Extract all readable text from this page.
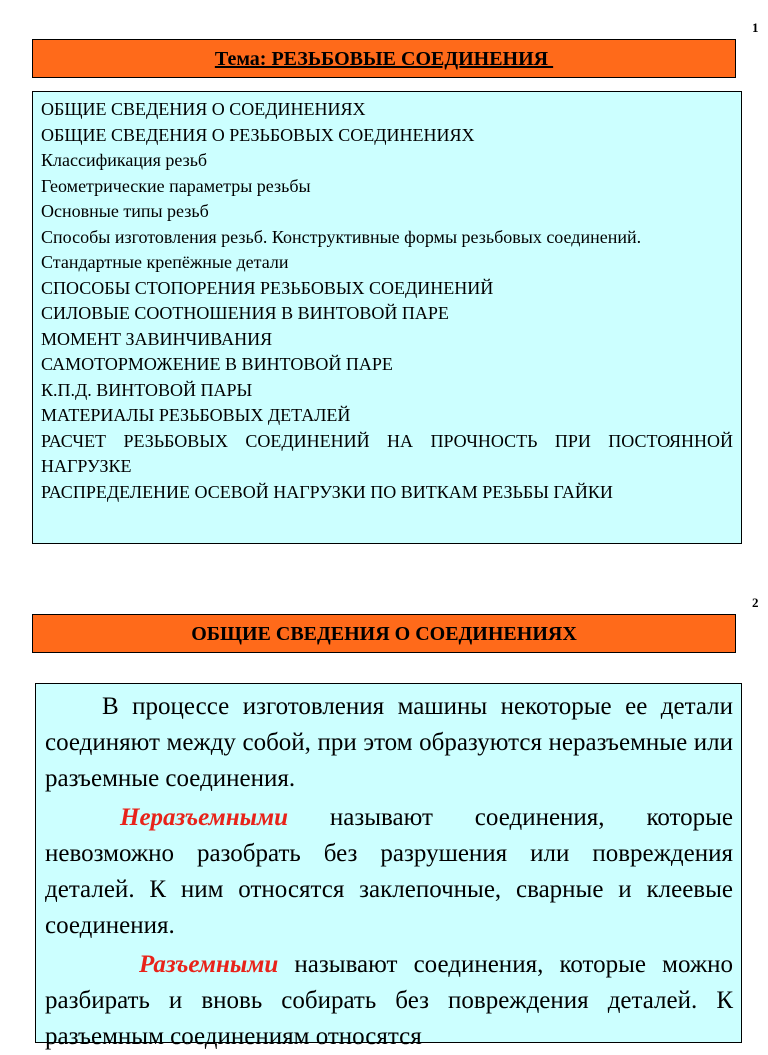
1
Тема: РЕЗЬБОВЫЕ СОЕДИНЕНИЯ
ОБЩИЕ СВЕДЕНИЯ О СОЕДИНЕНИЯХ
ОБЩИЕ СВЕДЕНИЯ О РЕЗЬБОВЫХ СОЕДИНЕНИЯХ
Классификация резьб
Геометрические параметры резьбы
Основные типы резьб
Способы изготовления резьб. Конструктивные формы резьбовых соединений.
Стандартные крепёжные детали
СПОСОБЫ СТОПОРЕНИЯ РЕЗЬБОВЫХ СОЕДИНЕНИЙ
СИЛОВЫЕ СООТНОШЕНИЯ В ВИНТОВОЙ ПАРЕ
МОМЕНТ ЗАВИНЧИВАНИЯ
САМОТОРМОЖЕНИЕ В ВИНТОВОЙ ПАРЕ
К.П.Д. ВИНТОВОЙ ПАРЫ
МАТЕРИАЛЫ РЕЗЬБОВЫХ ДЕТАЛЕЙ
РАСЧЕТ РЕЗЬБОВЫХ СОЕДИНЕНИЙ НА ПРОЧНОСТЬ ПРИ ПОСТОЯННОЙ НАГРУЗКЕ
РАСПРЕДЕЛЕНИЕ ОСЕВОЙ НАГРУЗКИ ПО ВИТКАМ РЕЗЬБЫ ГАЙКИ
2
ОБЩИЕ СВЕДЕНИЯ О СОЕДИНЕНИЯХ

В процессе изготовления машины некоторые ее детали соединяют между собой, при этом образуются неразъемные или разъемные соединения.

Неразъемными называют соединения, которые невозможно разобрать без разрушения или повреждения деталей. К ним относятся заклепочные, сварные и клеевые соединения.

Разъемными называют соединения, которые можно разбирать и вновь собирать без повреждения деталей. К разъемным соединениям относятся
